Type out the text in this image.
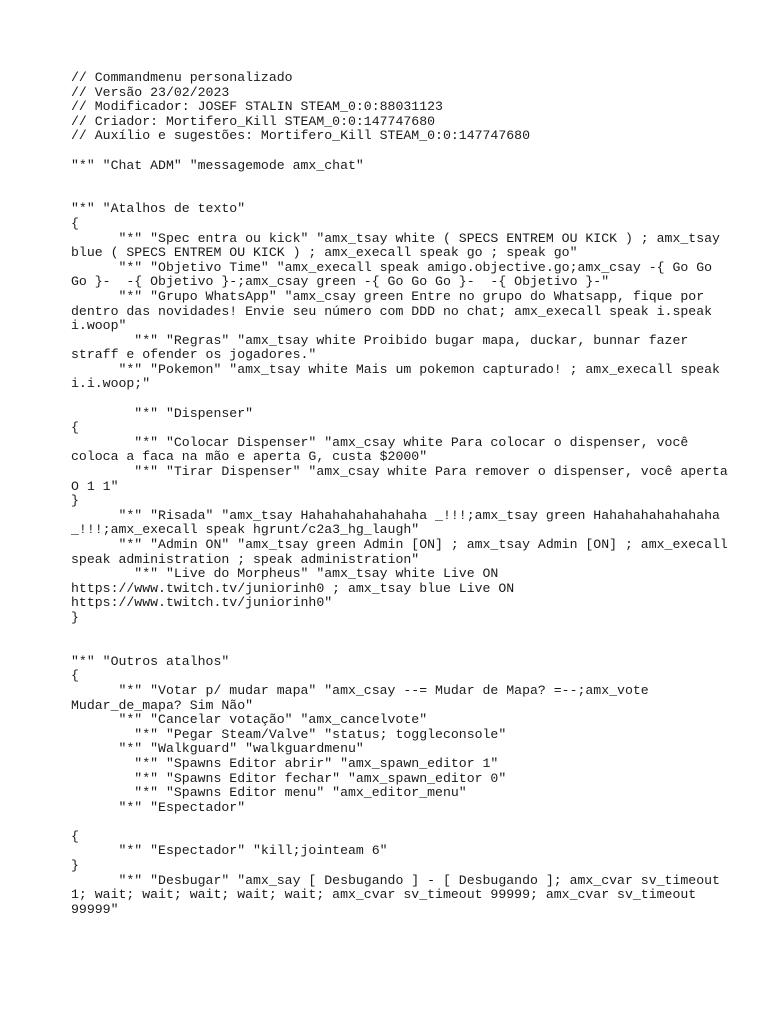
// Commandmenu personalizado
// Versão 23/02/2023
// Modificador: JOSEF STALIN STEAM_0:0:88031123
// Criador: Mortifero_Kill STEAM_0:0:147747680
// Auxílio e sugestões: Mortifero_Kill STEAM_0:0:147747680
"*" "Chat ADM" "messagemode amx_chat"
"*" "Atalhos de texto"
{
"*" "Spec entra ou kick" "amx_tsay white ( SPECS ENTREM OU KICK ) ; amx_tsay
blue ( SPECS ENTREM OU KICK ) ; amx_execall speak go ; speak go"
"*" "Objetivo Time" "amx_execall speak amigo.objective.go;amx_csay -{ Go Go
Go }-  -{ Objetivo }-;amx_csay green -{ Go Go Go }-  -{ Objetivo }-"
"*" "Grupo WhatsApp" "amx_csay green Entre no grupo do Whatsapp, fique por
dentro das novidades! Envie seu número com DDD no chat; amx_execall speak i.speak
i.woop"
"*" "Regras" "amx_tsay white Proibido bugar mapa, duckar, bunnar fazer
straff e ofender os jogadores."
"*" "Pokemon" "amx_tsay white Mais um pokemon capturado! ; amx_execall speak
i.i.woop;"
"*" "Dispenser"
{
"*" "Colocar Dispenser" "amx_csay white Para colocar o dispenser, você
coloca a faca na mão e aperta G, custa $2000"
"*" "Tirar Dispenser" "amx_csay white Para remover o dispenser, você aperta
O 1 1"
}
"*" "Risada" "amx_tsay Hahahahahahahaha _!!!;amx_tsay green Hahahahahahahaha
_!!!;amx_execall speak hgrunt/c2a3_hg_laugh"
"*" "Admin ON" "amx_tsay green Admin [ON] ; amx_tsay Admin [ON] ; amx_execall
speak administration ; speak administration"
"*" "Live do Morpheus" "amx_tsay white Live ON
https://www.twitch.tv/juniorinh0 ; amx_tsay blue Live ON
https://www.twitch.tv/juniorinh0"
}
"*" "Outros atalhos"
{
"*" "Votar p/ mudar mapa" "amx_csay --= Mudar de Mapa? =--;amx_vote
Mudar_de_mapa? Sim Não"
"*" "Cancelar votação" "amx_cancelvote"
"*" "Pegar Steam/Valve" "status; toggleconsole"
"*" "Walkguard" "walkguardmenu"
"*" "Spawns Editor abrir" "amx_spawn_editor 1"
"*" "Spawns Editor fechar" "amx_spawn_editor 0"
"*" "Spawns Editor menu" "amx_editor_menu"
"*" "Espectador"
{
"*" "Espectador" "kill;jointeam 6"
}
"*" "Desbugar" "amx_say [ Desbugando ] - [ Desbugando ]; amx_cvar sv_timeout
1; wait; wait; wait; wait; wait; amx_cvar sv_timeout 99999; amx_cvar sv_timeout
99999"
